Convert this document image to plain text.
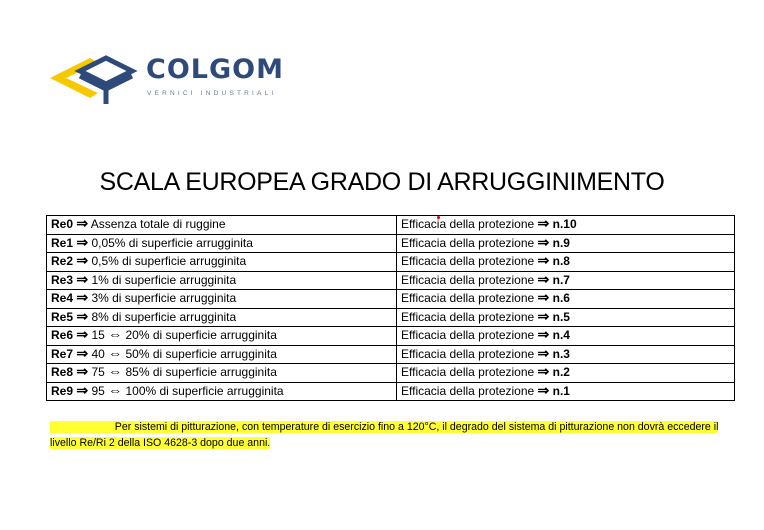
COLGOM
VERNICI INDUSTRIALI
SCALA EUROPEA GRADO DI ARRUGGINIMENTO
Re0 ⇒ Assenza totale di ruggine	Efficacia della protezione ⇒ n.10
Re1 ⇒ 0,05% di superficie arrugginita	Efficacia della protezione ⇒ n.9
Re2 ⇒ 0,5% di superficie arrugginita	Efficacia della protezione ⇒ n.8
Re3 ⇒ 1% di superficie arrugginita	Efficacia della protezione ⇒ n.7
Re4 ⇒ 3% di superficie arrugginita	Efficacia della protezione ⇒ n.6
Re5 ⇒ 8% di superficie arrugginita	Efficacia della protezione ⇒ n.5
Re6 ⇒ 15 ⇔ 20% di superficie arrugginita	Efficacia della protezione ⇒ n.4
Re7 ⇒ 40 ⇔ 50% di superficie arrugginita	Efficacia della protezione ⇒ n.3
Re8 ⇒ 75 ⇔ 85% di superficie arrugginita	Efficacia della protezione ⇒ n.2
Re9 ⇒ 95 ⇔ 100% di superficie arrugginita	Efficacia della protezione ⇒ n.1
Per sistemi di pitturazione, con temperature di esercizio fino a 120°C, il degrado del sistema di pitturazione non dovrà eccedere il
livello Re/Ri 2 della ISO 4628-3 dopo due anni.
